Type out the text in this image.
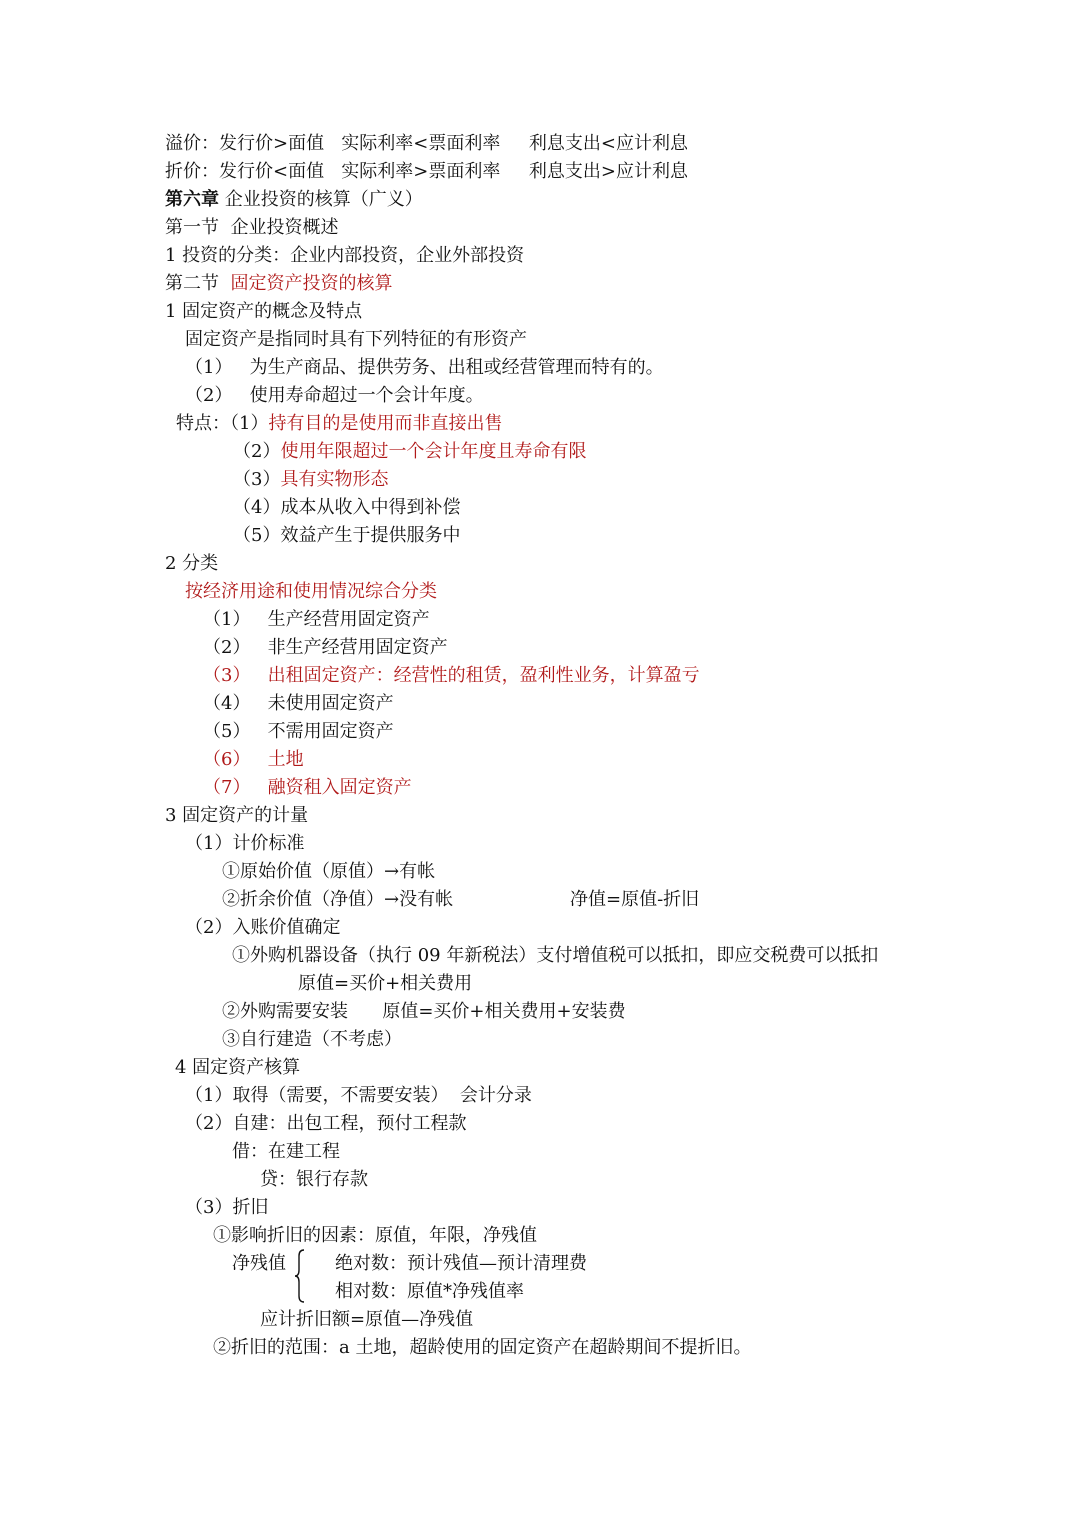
溢价：发行价>面值   实际利率<票面利率     利息支出<应计利息
折价：发行价<面值   实际利率>票面利率     利息支出>应计利息
第六章 企业投资的核算（广义）
第一节  企业投资概述
1 投资的分类：企业内部投资，企业外部投资
第二节  固定资产投资的核算
1 固定资产的概念及特点
固定资产是指同时具有下列特征的有形资产
（1）   为生产商品、提供劳务、出租或经营管理而特有的。
（2）   使用寿命超过一个会计年度。
特点：（1）持有目的是使用而非直接出售
（2）使用年限超过一个会计年度且寿命有限
（3）具有实物形态
（4）成本从收入中得到补偿
（5）效益产生于提供服务中
2 分类
按经济用途和使用情况综合分类
（1）   生产经营用固定资产
（2）   非生产经营用固定资产
（3）   出租固定资产：经营性的租赁，盈利性业务，计算盈亏
（4）   未使用固定资产
（5）   不需用固定资产
（6）   土地
（7）   融资租入固定资产
3 固定资产的计量
（1）计价标准
①原始价值（原值）→有帐
②折余价值（净值）→没有帐	净值=原值-折旧
（2）入账价值确定
①外购机器设备（执行 09 年新税法）支付增值税可以抵扣，即应交税费可以抵扣
原值=买价+相关费用
②外购需要安装      原值=买价+相关费用+安装费
③自行建造（不考虑）
4 固定资产核算
（1）取得（需要，不需要安装）  会计分录
（2）自建：出包工程，预付工程款
借：在建工程
贷：银行存款
（3）折旧
①影响折旧的因素：原值，年限，净残值
净残值	绝对数：预计残值—预计清理费
相对数：原值*净残值率
应计折旧额=原值—净残值
②折旧的范围：a 土地，超龄使用的固定资产在超龄期间不提折旧。
